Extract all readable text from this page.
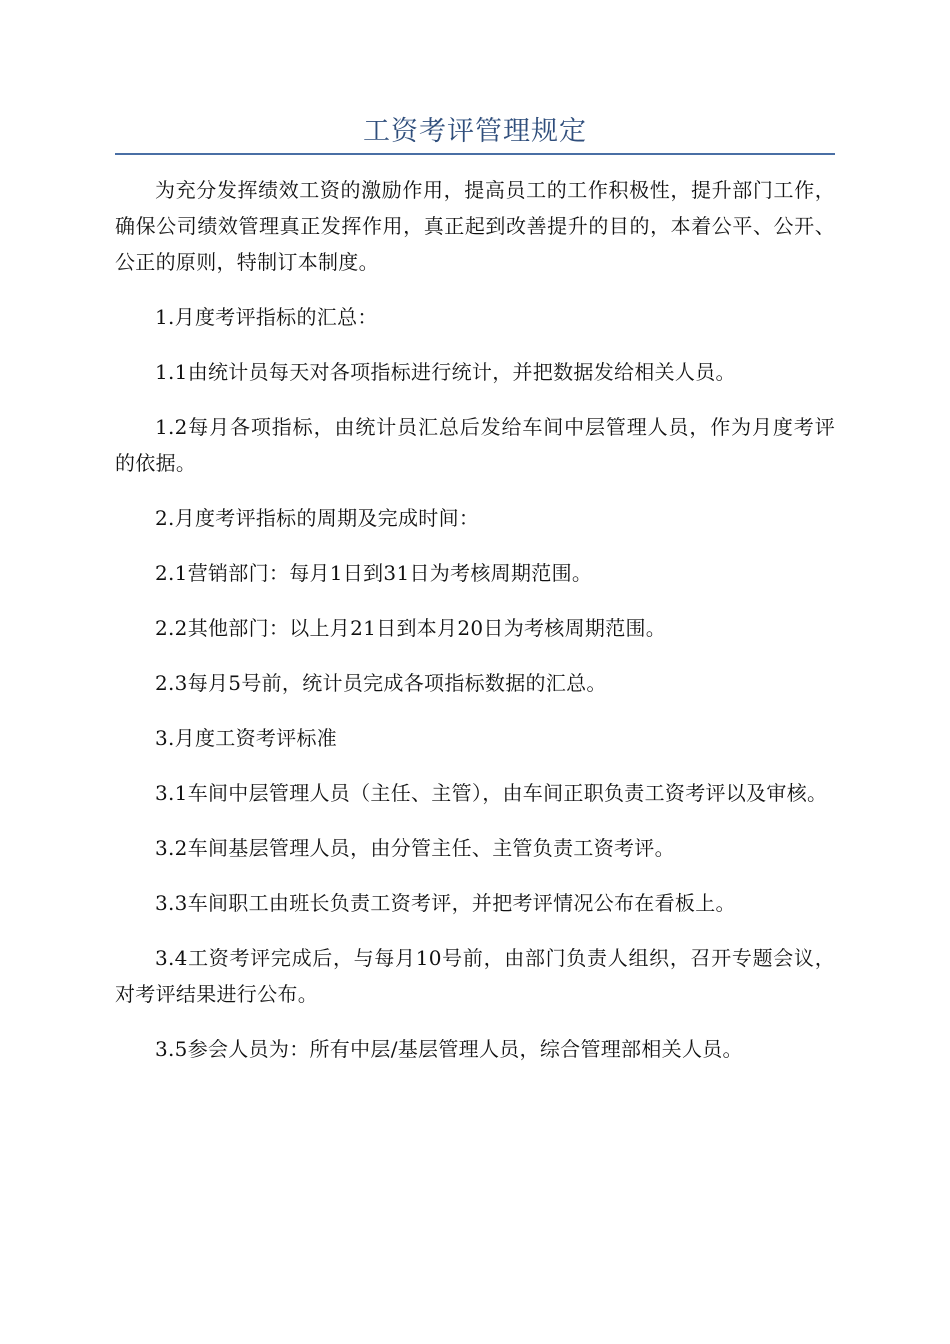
工资考评管理规定

为充分发挥绩效工资的激励作用，提高员工的工作积极性，提升部门工作，确保公司绩效管理真正发挥作用，真正起到改善提升的目的，本着公平、公开、公正的原则，特制订本制度。

1.月度考评指标的汇总：

1.1由统计员每天对各项指标进行统计，并把数据发给相关人员。

1.2每月各项指标，由统计员汇总后发给车间中层管理人员，作为月度考评的依据。

2.月度考评指标的周期及完成时间：

2.1营销部门：每月1日到31日为考核周期范围。

2.2其他部门：以上月21日到本月20日为考核周期范围。

2.3每月5号前，统计员完成各项指标数据的汇总。

3.月度工资考评标准

3.1车间中层管理人员（主任、主管），由车间正职负责工资考评以及审核。

3.2车间基层管理人员，由分管主任、主管负责工资考评。

3.3车间职工由班长负责工资考评，并把考评情况公布在看板上。

3.4工资考评完成后，与每月10号前，由部门负责人组织，召开专题会议，对考评结果进行公布。

3.5参会人员为：所有中层/基层管理人员，综合管理部相关人员。
